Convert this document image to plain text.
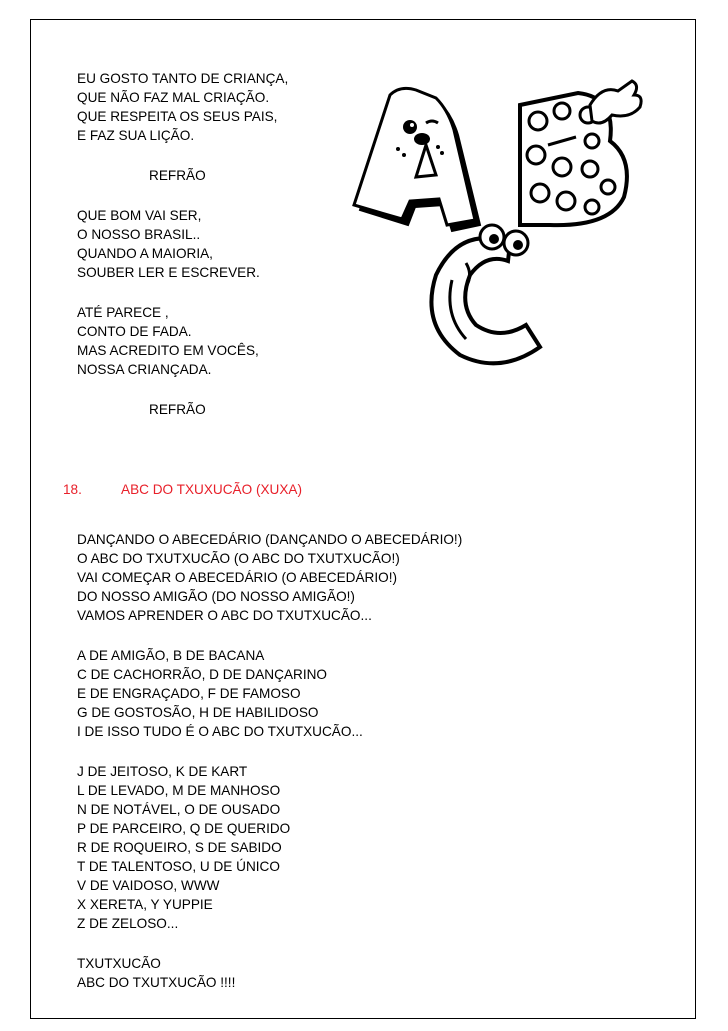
EU GOSTO TANTO DE CRIANÇA,
QUE NÃO FAZ MAL CRIAÇÃO.
QUE RESPEITA OS SEUS PAIS,
E FAZ SUA LIÇÃO.
REFRÃO
QUE BOM VAI SER,
O NOSSO BRASIL..
QUANDO A MAIORIA,
SOUBER LER E ESCREVER.
ATÉ PARECE ,
CONTO DE FADA.
MAS ACREDITO EM VOCÊS,
NOSSA CRIANÇADA.
REFRÃO
18.	ABC DO TXUXUCÃO (XUXA)
DANÇANDO O ABECEDÁRIO (DANÇANDO O ABECEDÁRIO!)
O ABC DO TXUTXUCÃO (O ABC DO TXUTXUCÃO!)
VAI COMEÇAR O ABECEDÁRIO (O ABECEDÁRIO!)
DO NOSSO AMIGÃO (DO NOSSO AMIGÃO!)
VAMOS APRENDER O ABC DO TXUTXUCÃO...
A DE AMIGÃO, B DE BACANA
C DE CACHORRÃO, D DE DANÇARINO
E DE ENGRAÇADO, F DE FAMOSO
G DE GOSTOSÃO, H DE HABILIDOSO
I DE ISSO TUDO É O ABC DO TXUTXUCÃO...
J DE JEITOSO, K DE KART
L DE LEVADO, M DE MANHOSO
N DE NOTÁVEL, O DE OUSADO
P DE PARCEIRO, Q DE QUERIDO
R DE ROQUEIRO, S DE SABIDO
T DE TALENTOSO, U DE ÚNICO
V DE VAIDOSO, WWW
X XERETA, Y YUPPIE
Z DE ZELOSO...
TXUTXUCÃO
ABC DO TXUTXUCÃO !!!!
